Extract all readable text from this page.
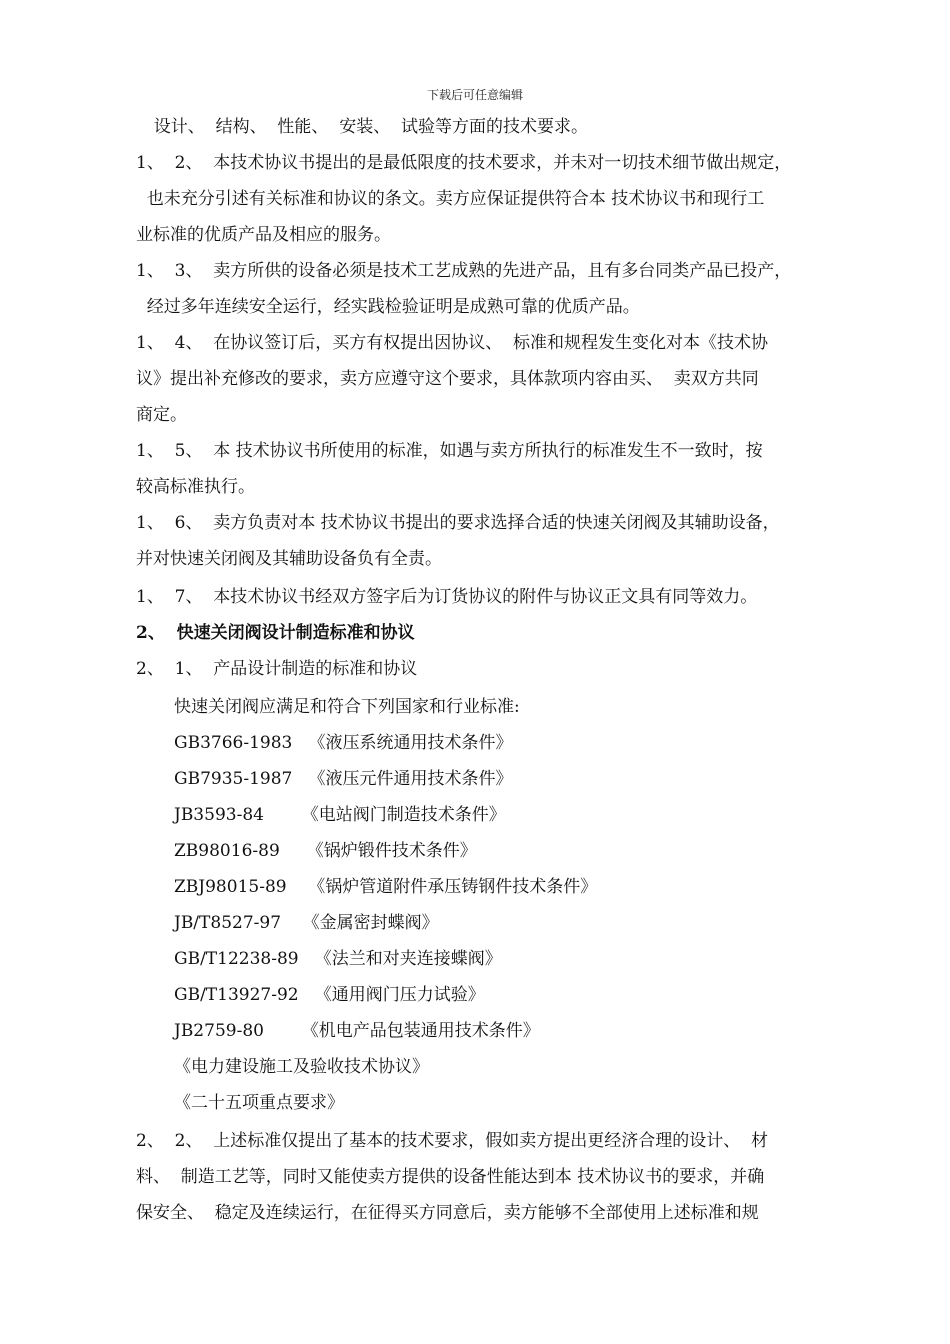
下载后可任意编辑
设计、  结构、  性能、  安装、  试验等方面的技术要求。
1、  2、  本技术协议书提出的是最低限度的技术要求，并未对一切技术细节做出规定，
也未充分引述有关标准和协议的条文。卖方应保证提供符合本 技术协议书和现行工
业标准的优质产品及相应的服务。
1、  3、  卖方所供的设备必须是技术工艺成熟的先进产品，且有多台同类产品已投产，
经过多年连续安全运行，经实践检验证明是成熟可靠的优质产品。
1、  4、  在协议签订后，买方有权提出因协议、  标准和规程发生变化对本《技术协
议》提出补充修改的要求，卖方应遵守这个要求，具体款项内容由买、  卖双方共同
商定。
1、  5、  本 技术协议书所使用的标准，如遇与卖方所执行的标准发生不一致时，按
较高标准执行。
1、  6、  卖方负责对本 技术协议书提出的要求选择合适的快速关闭阀及其辅助设备，
并对快速关闭阀及其辅助设备负有全责。
1、  7、  本技术协议书经双方签字后为订货协议的附件与协议正文具有同等效力。
2、  快速关闭阀设计制造标准和协议
2、  1、  产品设计制造的标准和协议
快速关闭阀应满足和符合下列国家和行业标准:
GB3766-1983   《液压系统通用技术条件》
GB7935-1987   《液压元件通用技术条件》
JB3593-84       《电站阀门制造技术条件》
ZB98016-89     《锅炉锻件技术条件》
ZBJ98015-89    《锅炉管道附件承压铸钢件技术条件》
JB/T8527-97    《金属密封蝶阀》
GB/T12238-89   《法兰和对夹连接蝶阀》
GB/T13927-92   《通用阀门压力试验》
JB2759-80       《机电产品包装通用技术条件》
《电力建设施工及验收技术协议》
《二十五项重点要求》
2、  2、  上述标准仅提出了基本的技术要求，假如卖方提出更经济合理的设计、  材
料、  制造工艺等，同时又能使卖方提供的设备性能达到本 技术协议书的要求，并确
保安全、  稳定及连续运行，在征得买方同意后，卖方能够不全部使用上述标准和规
